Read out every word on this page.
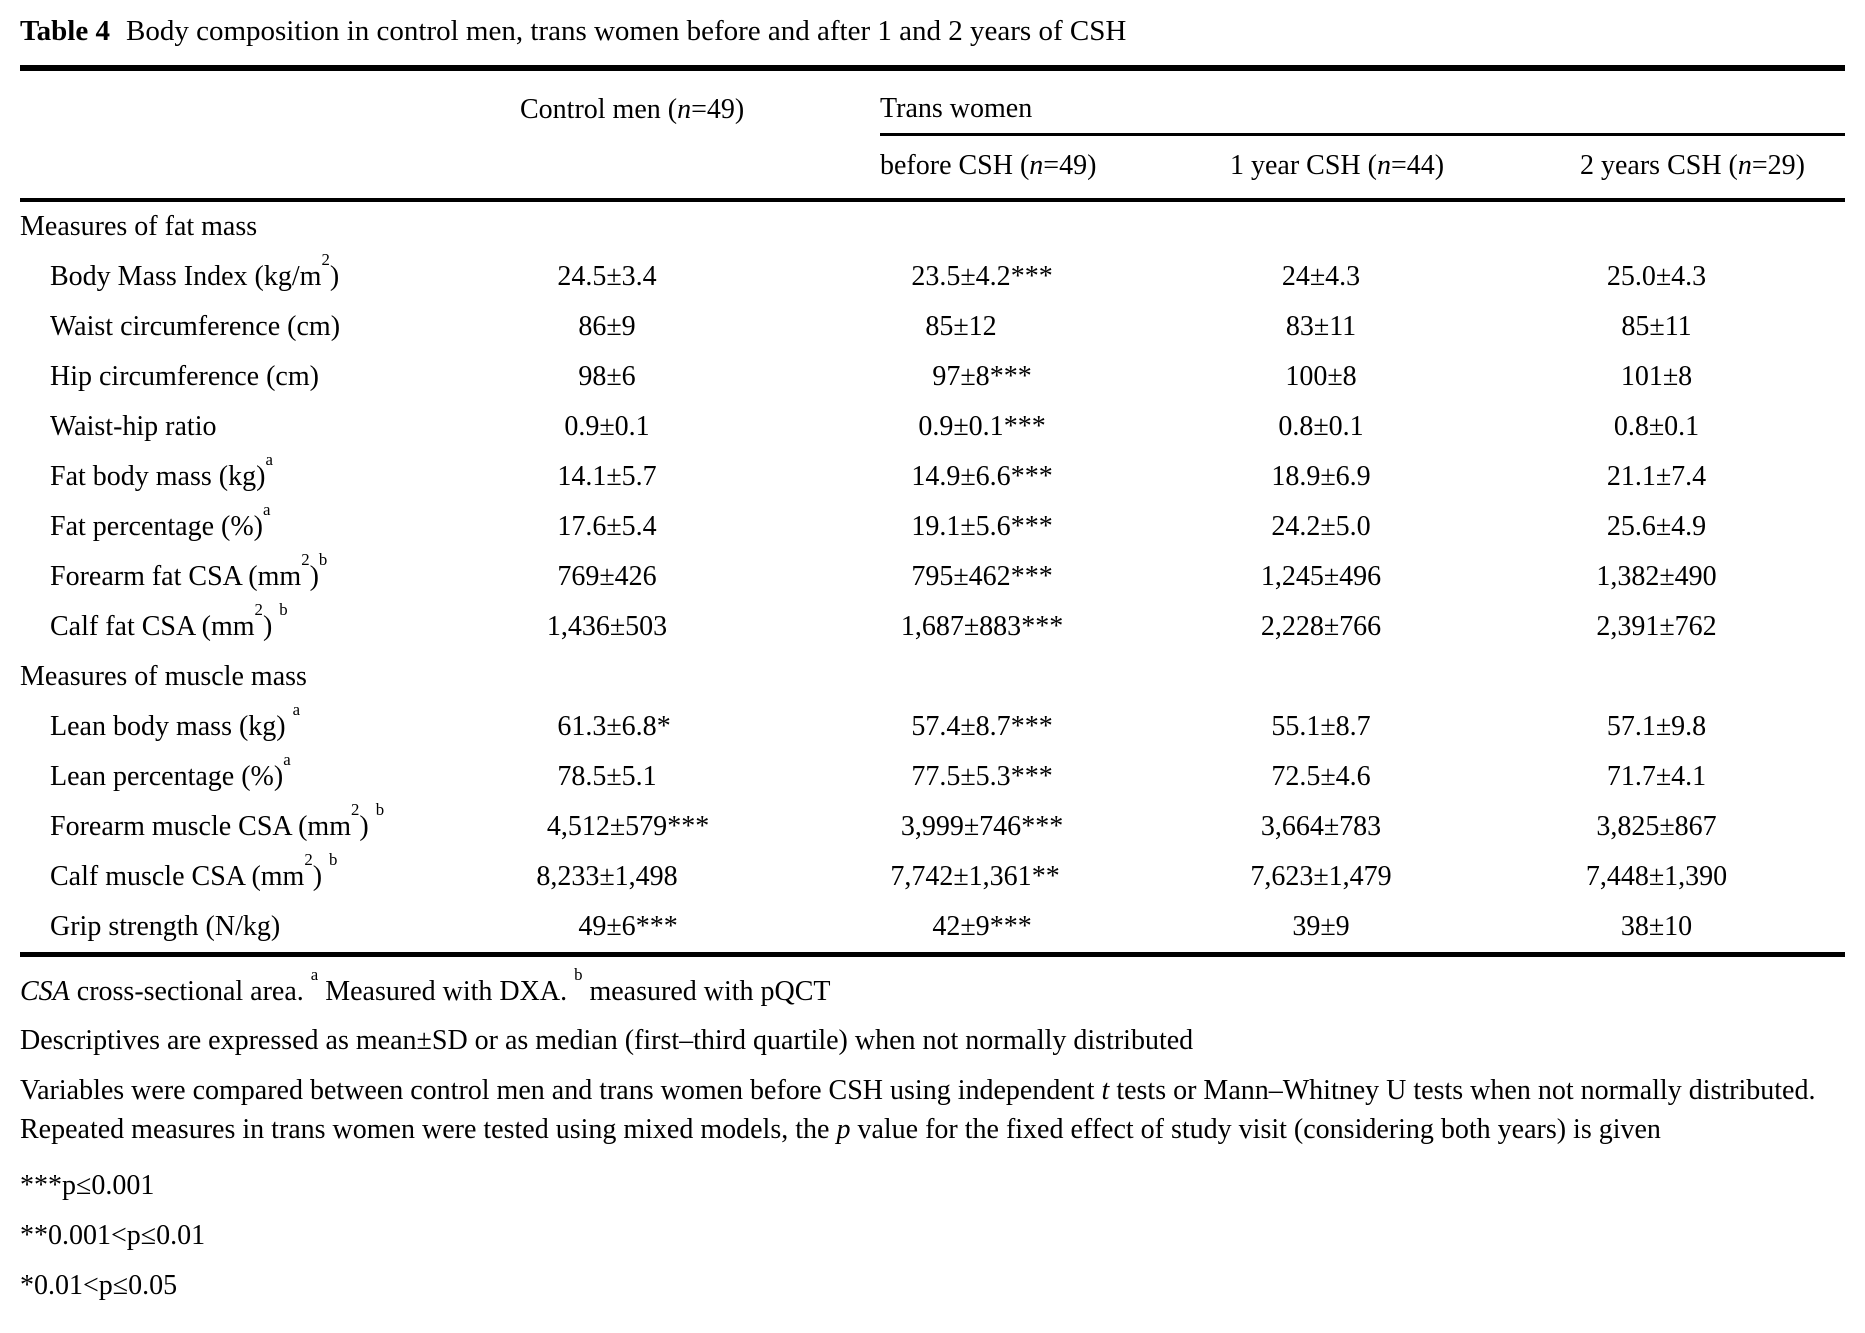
Table 4 Body composition in control men, trans women before and after 1 and 2 years of CSH
	Control men (n=49)	Trans women		
		before CSH (n=49)	1 year CSH (n=44)	2 years CSH (n=29)
Measures of fat mass				
Body Mass Index $(kg/m^2)$	24.5±3.4	23.5±4.2***	24±4.3	25.0±4.3
Waist circumference (cm)	86±9	85±12	83±11	85±11
Hip circumference (cm)	98±6	97±8***	100±8	101±8
Waist-hip ratio	0.9±0.1	0.9±0.1***	0.8±0.1	0.8±0.1
Fat body mass (kg)$^a$	14.1±5.7	14.9±6.6***	18.9±6.9	21.1±7.4
Fat percentage (%)$^a$	17.6±5.4	19.1±5.6***	24.2±5.0	25.6±4.9
Forearm fat CSA $(mm^2)^b$	769±426	795±462***	1,245±496	1,382±490
Calf fat CSA $(mm^2)$ $^b$	1,436±503	1,687±883***	2,228±766	2,391±762
Measures of muscle mass				
Lean body mass (kg) $^a$	61.3±6.8*	57.4±8.7***	55.1±8.7	57.1±9.8
Lean percentage (%)$^a$	78.5±5.1	77.5±5.3***	72.5±4.6	71.7±4.1
Forearm muscle CSA $(mm^2)$ $^b$	4,512±579***	3,999±746***	3,664±783	3,825±867
Calf muscle CSA $(mm^2)$ $^b$	8,233±1,498	7,742±1,361**	7,623±1,479	7,448±1,390
Grip strength (N/kg)	49±6***	42±9***	39±9	38±10

CSA cross-sectional area. $^a$ Measured with DXA. $^b$ measured with pQCT

Descriptives are expressed as mean±SD or as median (first–third quartile) when not normally distributed

Variables were compared between control men and trans women before CSH using independent t tests or Mann–Whitney U tests when not normally distributed. Repeated measures in trans women were tested using mixed models, the p value for the fixed effect of study visit (considering both years) is given

***p≤0.001

**0.001<p≤0.01

*0.01<p≤0.05
